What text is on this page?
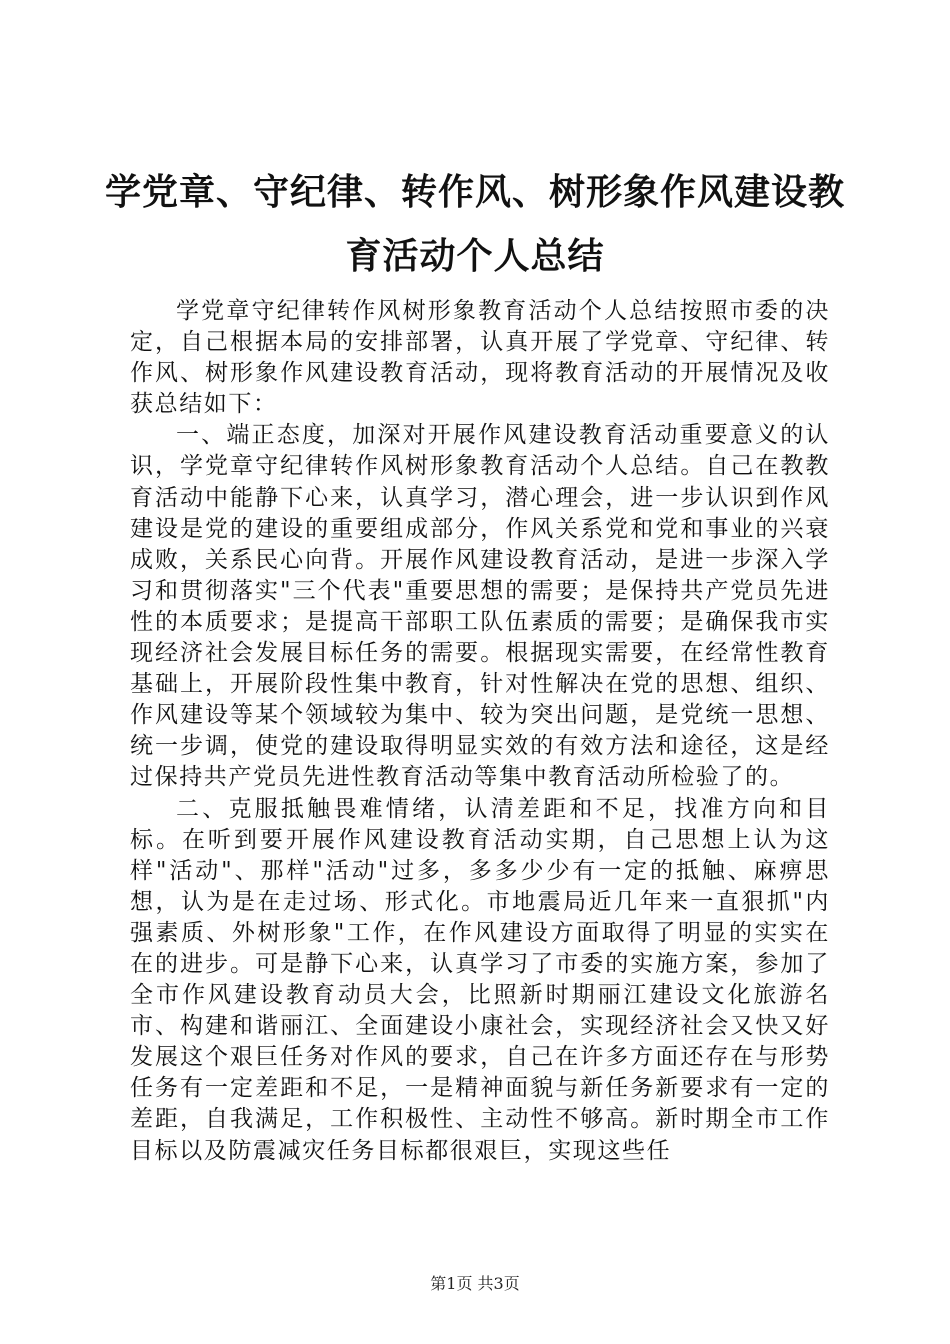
学党章、守纪律、转作风、树形象作风建设教育活动个人总结

学党章守纪律转作风树形象教育活动个人总结按照市委的决定，自己根据本局的安排部署，认真开展了学党章、守纪律、转作风、树形象作风建设教育活动，现将教育活动的开展情况及收获总结如下：

一、端正态度，加深对开展作风建设教育活动重要意义的认识，学党章守纪律转作风树形象教育活动个人总结。自己在教教育活动中能静下心来，认真学习，潜心理会，进一步认识到作风建设是党的建设的重要组成部分，作风关系党和党和事业的兴衰成败，关系民心向背。开展作风建设教育活动，是进一步深入学习和贯彻落实"三个代表"重要思想的需要；是保持共产党员先进性的本质要求；是提高干部职工队伍素质的需要；是确保我市实现经济社会发展目标任务的需要。根据现实需要，在经常性教育基础上，开展阶段性集中教育，针对性解决在党的思想、组织、作风建设等某个领域较为集中、较为突出问题，是党统一思想、统一步调，使党的建设取得明显实效的有效方法和途径，这是经过保持共产党员先进性教育活动等集中教育活动所检验了的。

二、克服抵触畏难情绪，认清差距和不足，找准方向和目标。在听到要开展作风建设教育活动实期，自己思想上认为这样"活动"、那样"活动"过多，多多少少有一定的抵触、麻痹思想，认为是在走过场、形式化。市地震局近几年来一直狠抓"内强素质、外树形象"工作，在作风建设方面取得了明显的实实在在的进步。可是静下心来，认真学习了市委的实施方案，参加了全市作风建设教育动员大会，比照新时期丽江建设文化旅游名市、构建和谐丽江、全面建设小康社会，实现经济社会又快又好发展这个艰巨任务对作风的要求，自己在许多方面还存在与形势任务有一定差距和不足，一是精神面貌与新任务新要求有一定的差距，自我满足，工作积极性、主动性不够高。新时期全市工作目标以及防震减灾任务目标都很艰巨，实现这些任

第1页 共3页
